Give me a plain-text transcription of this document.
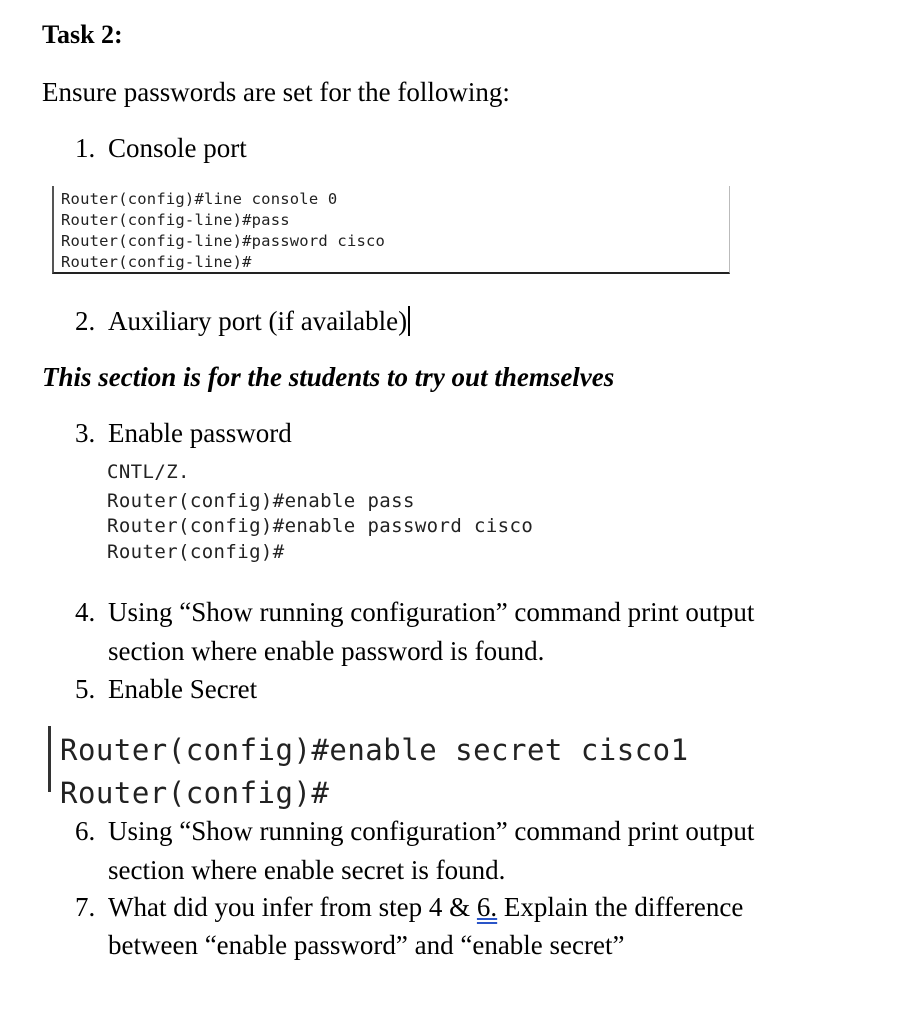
Task 2:
Ensure passwords are set for the following:
1. Console port
Router(config)#line console 0
Router(config-line)#pass
Router(config-line)#password cisco
Router(config-line)#
2. Auxiliary port (if available)
This section is for the students to try out themselves
3. Enable password
CNTL/Z.
Router(config)#enable pass
Router(config)#enable password cisco
Router(config)#
4. Using “Show running configuration” command print output
section where enable password is found.
5. Enable Secret
Router(config)#enable secret cisco1
Router(config)#
6. Using “Show running configuration” command print output
section where enable secret is found.
7. What did you infer from step 4 & 6. Explain the difference
between “enable password” and “enable secret”
